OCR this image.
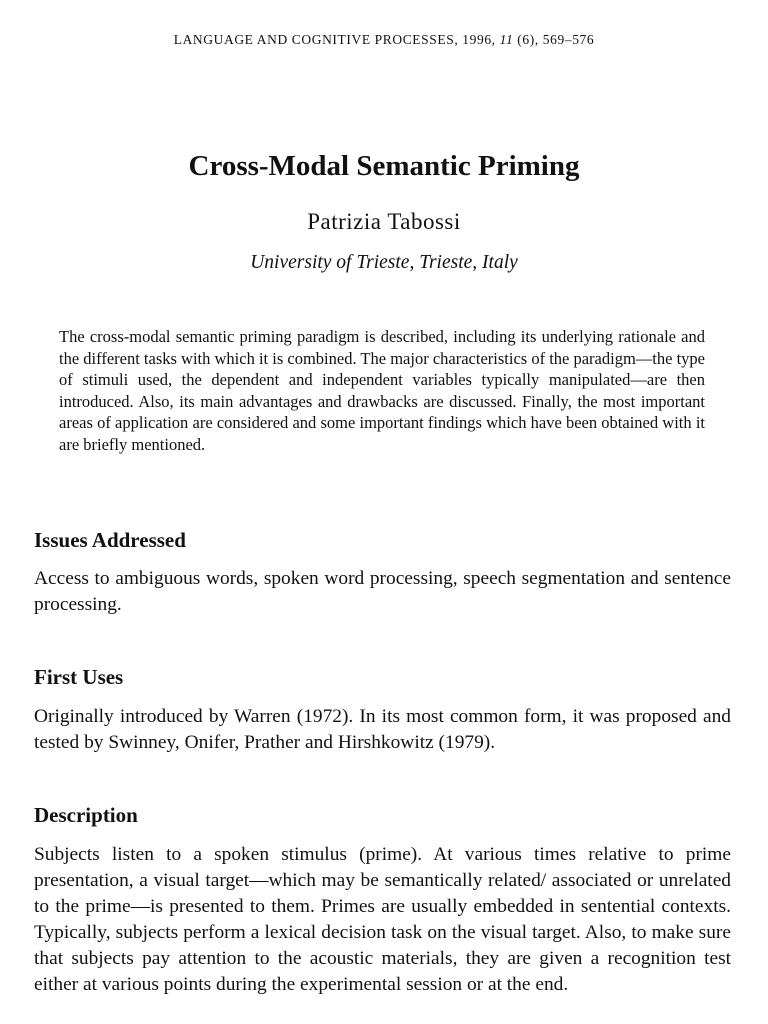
LANGUAGE AND COGNITIVE PROCESSES, 1996, 11 (6), 569–576
Cross-Modal Semantic Priming
Patrizia Tabossi
University of Trieste, Trieste, Italy

The cross-modal semantic priming paradigm is described, including its underlying rationale and the different tasks with which it is combined. The major characteristics of the paradigm—the type of stimuli used, the dependent and independent variables typically manipulated—are then introduced. Also, its main advantages and drawbacks are discussed. Finally, the most important areas of application are considered and some important findings which have been obtained with it are briefly mentioned.

Issues Addressed

Access to ambiguous words, spoken word processing, speech segmentation and sentence processing.

First Uses

Originally introduced by Warren (1972). In its most common form, it was proposed and tested by Swinney, Onifer, Prather and Hirshkowitz (1979).

Description

Subjects listen to a spoken stimulus (prime). At various times relative to prime presentation, a visual target—which may be semantically related/ associated or unrelated to the prime—is presented to them. Primes are usually embedded in sentential contexts. Typically, subjects perform a lexical decision task on the visual target. Also, to make sure that subjects pay attention to the acoustic materials, they are given a recognition test either at various points during the experimental session or at the end.
